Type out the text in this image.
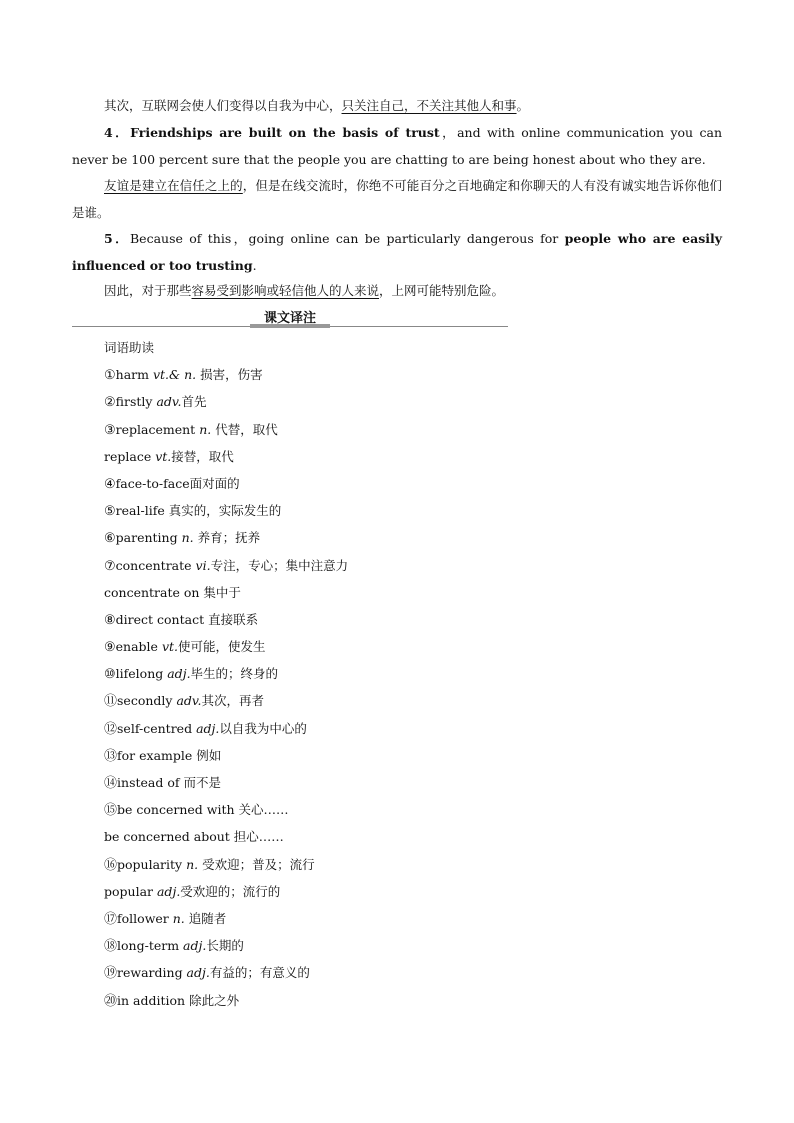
其次，互联网会使人们变得以自我为中心，只关注自己，不关注其他人和事。
4．Friendships are built on the basis of trust，and with online communication you can never be 100 percent sure that the people you are chatting to are being honest about who they are.
友谊是建立在信任之上的，但是在线交流时，你绝不可能百分之百地确定和你聊天的人有没有诚实地告诉你他们是谁。
5．Because of this，going online can be particularly dangerous for people who are easily influenced or too trusting.
因此，对于那些容易受到影响或轻信他人的人来说，上网可能特别危险。
课文译注
词语助读
①harm vt.& n. 损害，伤害
②firstly adv.首先
③replacement n. 代替，取代
replace vt.接替，取代
④face-to-face面对面的
⑤real-life 真实的，实际发生的
⑥parenting n. 养育；抚养
⑦concentrate vi.专注，专心；集中注意力
concentrate on 集中于
⑧direct contact 直接联系
⑨enable vt.使可能，使发生
⑩lifelong adj.毕生的；终身的
⑪secondly adv.其次，再者
⑫self-centred adj.以自我为中心的
⑬for example 例如
⑭instead of 而不是
⑮be concerned with 关心……
be concerned about 担心……
⑯popularity n. 受欢迎；普及；流行
popular adj.受欢迎的；流行的
⑰follower n. 追随者
⑱long-term adj.长期的
⑲rewarding adj.有益的；有意义的
⑳in addition 除此之外
